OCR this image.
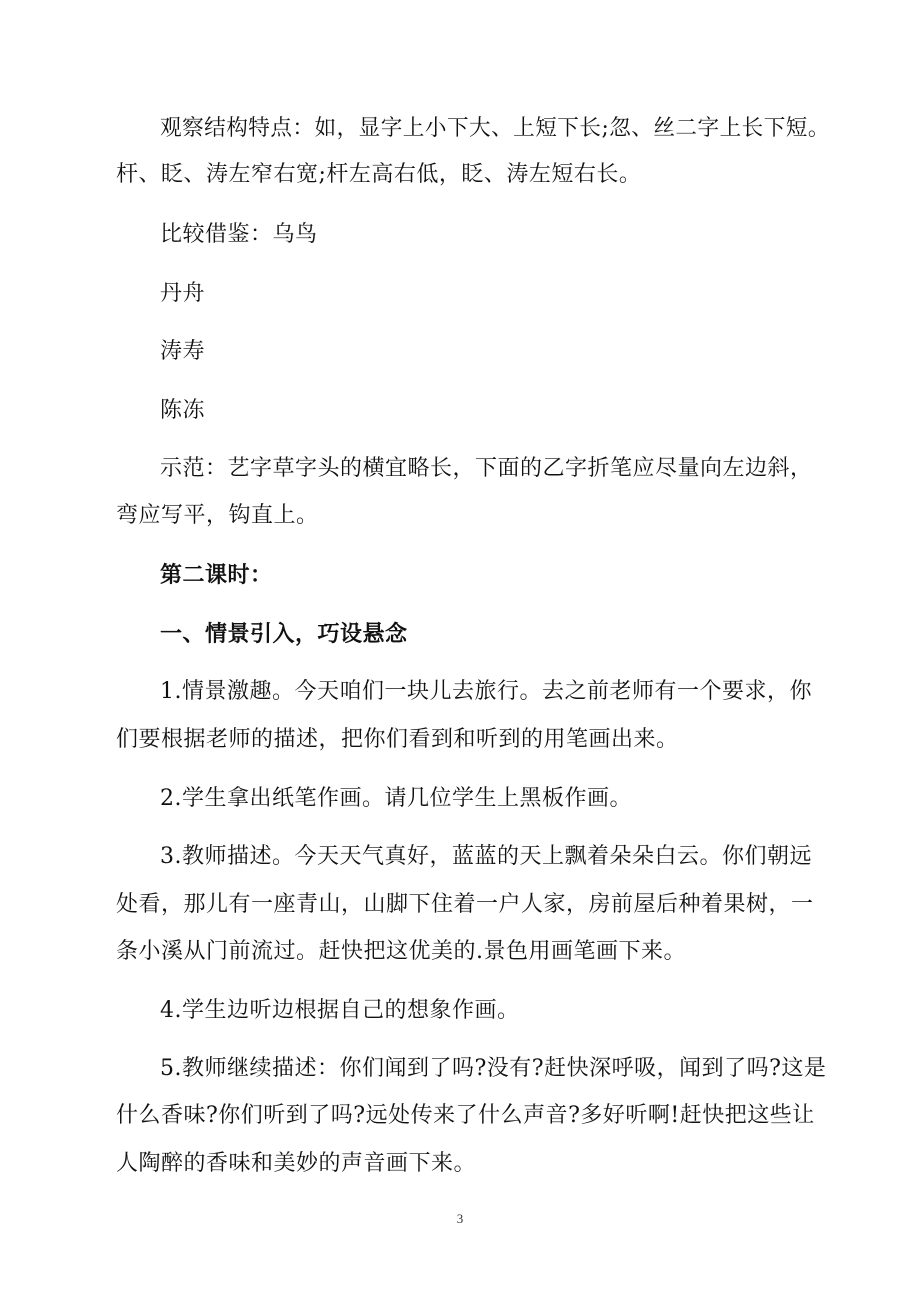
观察结构特点：如，显字上小下大、上短下长;忽、丝二字上长下短。
杆、眨、涛左窄右宽;杆左高右低，眨、涛左短右长。
比较借鉴：乌鸟
丹舟
涛寿
陈冻
示范：艺字草字头的横宜略长，下面的乙字折笔应尽量向左边斜，
弯应写平，钩直上。
第二课时：
一、情景引入，巧设悬念
1.情景激趣。今天咱们一块儿去旅行。去之前老师有一个要求，你
们要根据老师的描述，把你们看到和听到的用笔画出来。
2.学生拿出纸笔作画。请几位学生上黑板作画。
3.教师描述。今天天气真好，蓝蓝的天上飘着朵朵白云。你们朝远
处看，那儿有一座青山，山脚下住着一户人家，房前屋后种着果树，一
条小溪从门前流过。赶快把这优美的.景色用画笔画下来。
4.学生边听边根据自己的想象作画。
5.教师继续描述：你们闻到了吗?没有?赶快深呼吸，闻到了吗?这是
什么香味?你们听到了吗?远处传来了什么声音?多好听啊!赶快把这些让
人陶醉的香味和美妙的声音画下来。
3
